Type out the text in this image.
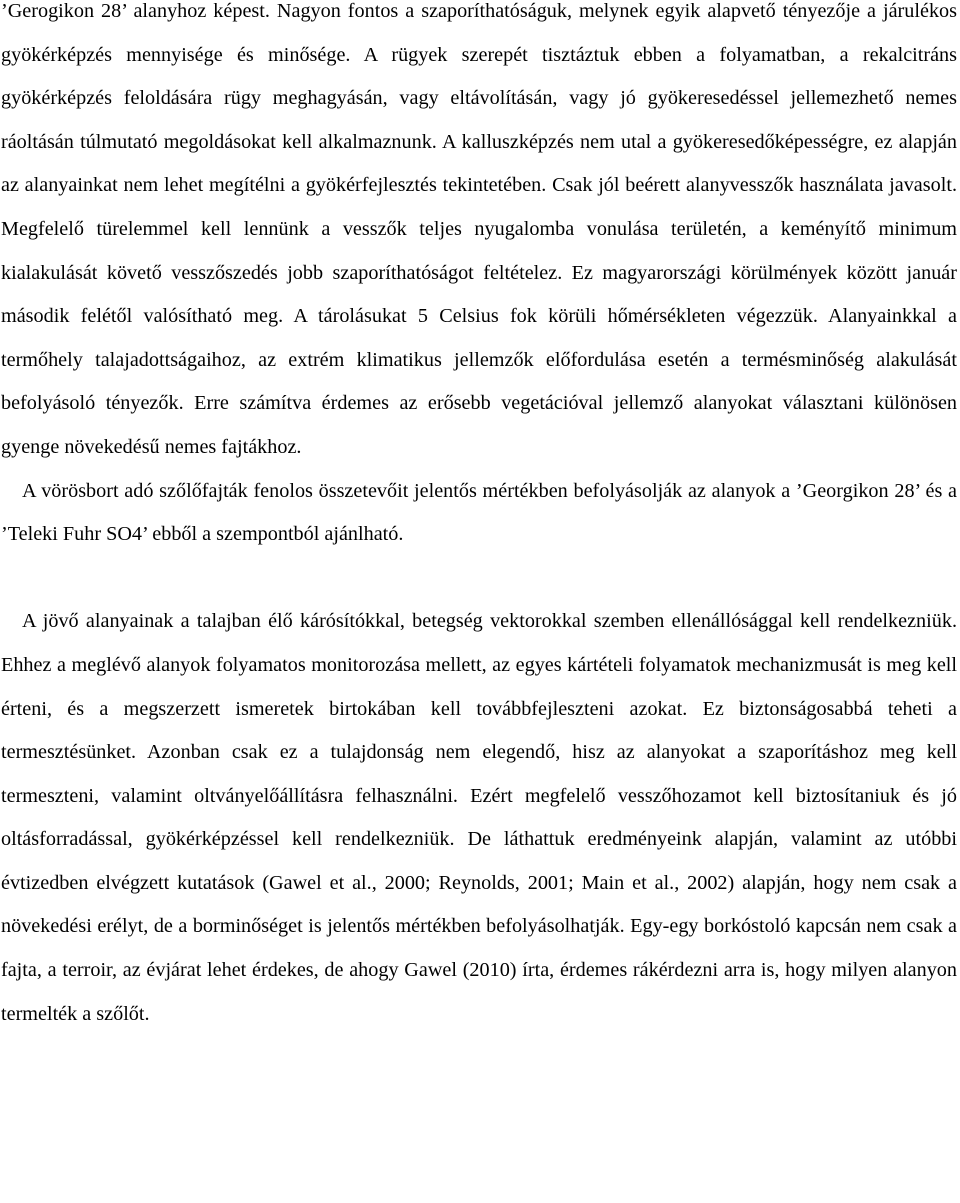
’Gerogikon 28’ alanyhoz képest. Nagyon fontos a szaporíthatóságuk, melynek egyik alapvető tényezője a járulékos gyökérképzés mennyisége és minősége. A rügyek szerepét tisztáztuk ebben a folyamatban, a rekalcitráns gyökérképzés feloldására rügy meghagyásán, vagy eltávolításán, vagy jó gyökeresedéssel jellemezhető nemes ráoltásán túlmutató megoldásokat kell alkalmaznunk. A kalluszképzés nem utal a gyökeresedőképességre, ez alapján az alanyainkat nem lehet megítélni a gyökérfejlesztés tekintetében. Csak jól beérett alanyvesszők használata javasolt. Megfelelő türelemmel kell lennünk a vesszők teljes nyugalomba vonulása területén, a keményítő minimum kialakulását követő vesszőszedés jobb szaporíthatóságot feltételez. Ez magyarországi körülmények között január második felétől valósítható meg. A tárolásukat 5 Celsius fok körüli hőmérsékleten végezzük. Alanyainkkal a termőhely talajadottságaihoz, az extrém klimatikus jellemzők előfordulása esetén a termésminőség alakulását befolyásoló tényezők. Erre számítva érdemes az erősebb vegetációval jellemző alanyokat választani különösen gyenge növekedésű nemes fajtákhoz.

A vörösbort adó szőlőfajták fenolos összetevőit jelentős mértékben befolyásolják az alanyok a ’Georgikon 28’ és a ’Teleki Fuhr SO4’ ebből a szempontból ajánlható.

A jövő alanyainak a talajban élő kárósítókkal, betegség vektorokkal szemben ellenállósággal kell rendelkezniük. Ehhez a meglévő alanyok folyamatos monitorozása mellett, az egyes kártételi folyamatok mechanizmusát is meg kell érteni, és a megszerzett ismeretek birtokában kell továbbfejleszteni azokat. Ez biztonságosabbá teheti a termesztésünket. Azonban csak ez a tulajdonság nem elegendő, hisz az alanyokat a szaporításhoz meg kell termeszteni, valamint oltványelőállításra felhasználni. Ezért megfelelő vesszőhozamot kell biztosítaniuk és jó oltásforradással, gyökérképzéssel kell rendelkezniük. De láthattuk eredményeink alapján, valamint az utóbbi évtizedben elvégzett kutatások (Gawel et al., 2000; Reynolds, 2001; Main et al., 2002) alapján, hogy nem csak a növekedési erélyt, de a borminőséget is jelentős mértékben befolyásolhatják. Egy-egy borkóstoló kapcsán nem csak a fajta, a terroir, az évjárat lehet érdekes, de ahogy Gawel (2010) írta, érdemes rákérdezni arra is, hogy milyen alanyon termelték a szőlőt.
